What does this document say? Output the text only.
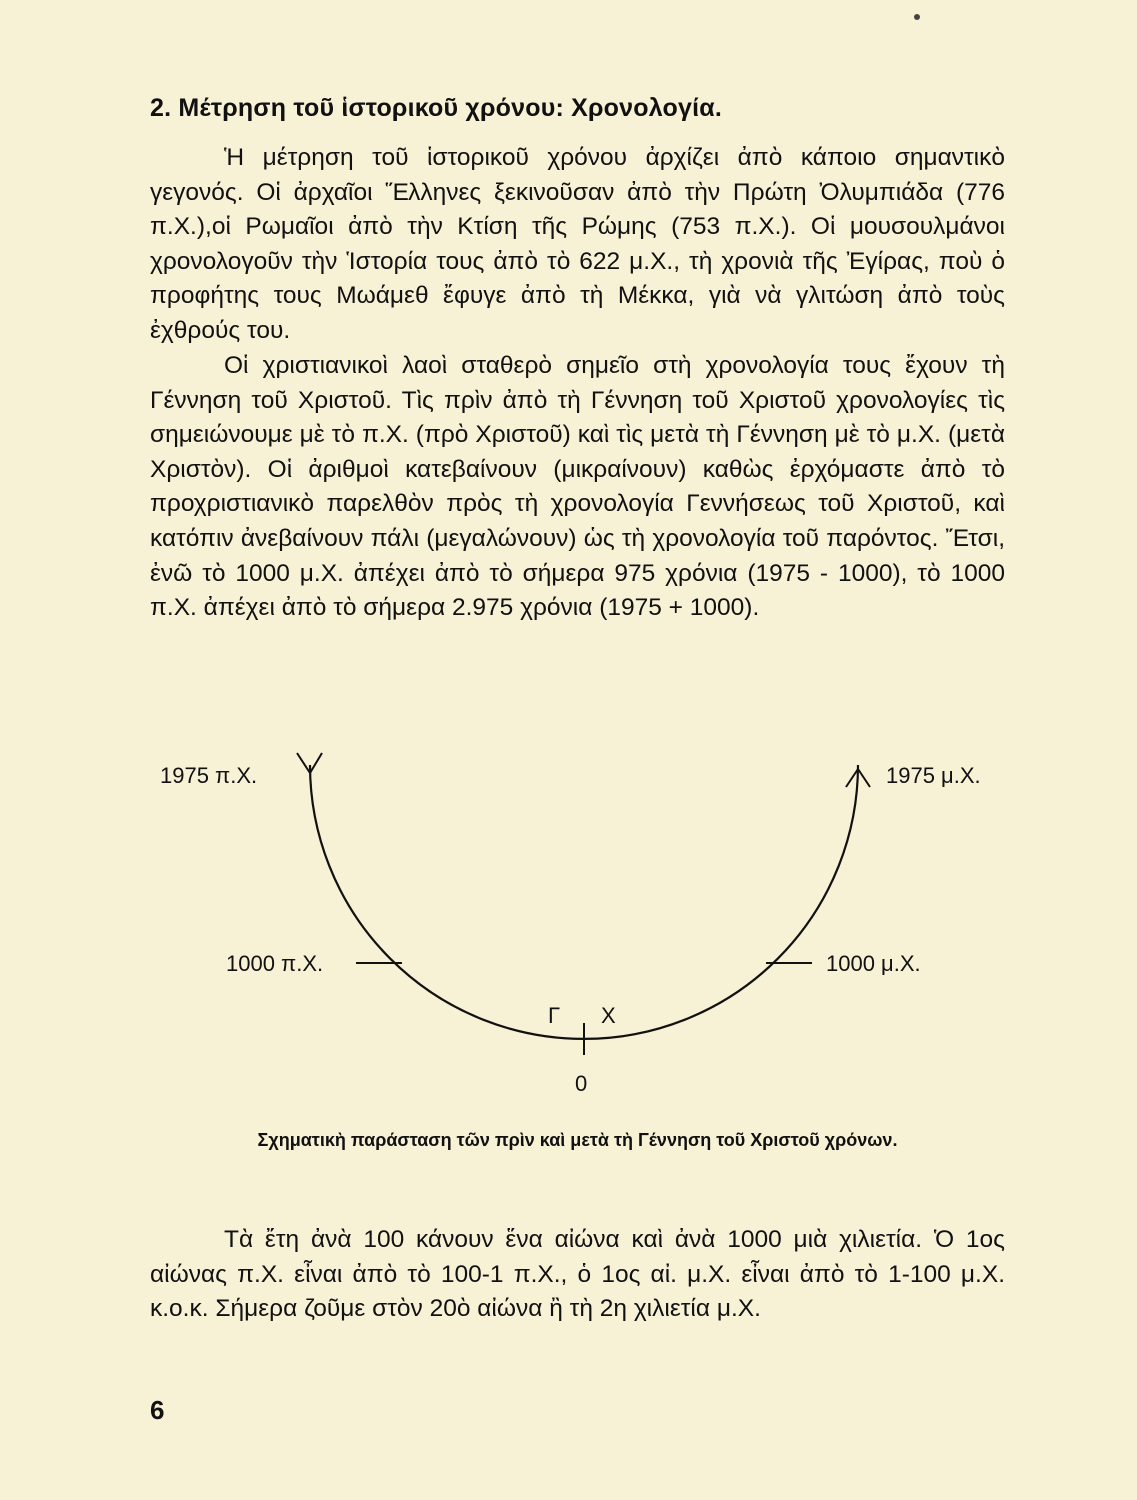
2. Μέτρηση τοῦ ἱστορικοῦ χρόνου: Χρονολογία.

Ἡ μέτρηση τοῦ ἱστορικοῦ χρόνου ἀρχίζει ἀπὸ κάποιο σημαντικὸ γεγονός. Οἱ ἀρχαῖοι Ἕλληνες ξεκινοῦσαν ἀπὸ τὴν Πρώτη Ὀλυμπιάδα (776 π.Χ.),οἱ Ρωμαῖοι ἀπὸ τὴν Κτίση τῆς Ρώμης (753 π.Χ.). Οἱ μουσουλμάνοι χρονολογοῦν τὴν Ἱστορία τους ἀπὸ τὸ 622 μ.Χ., τὴ χρονιὰ τῆς Ἐγίρας, ποὺ ὁ προφήτης τους Μωάμεθ ἔφυγε ἀπὸ τὴ Μέκκα, γιὰ νὰ γλιτώση ἀπὸ τοὺς ἐχθρούς του.

Οἱ χριστιανικοὶ λαοὶ σταθερὸ σημεῖο στὴ χρονολογία τους ἔχουν τὴ Γέννηση τοῦ Χριστοῦ. Τὶς πρὶν ἀπὸ τὴ Γέννηση τοῦ Χριστοῦ χρονολογίες τὶς σημειώνουμε μὲ τὸ π.Χ. (πρὸ Χριστοῦ) καὶ τὶς μετὰ τὴ Γέννηση μὲ τὸ μ.Χ. (μετὰ Χριστὸν). Οἱ ἀριθμοὶ κατεβαίνουν (μικραίνουν) καθὼς ἐρχόμαστε ἀπὸ τὸ προχριστιανικὸ παρελθὸν πρὸς τὴ χρονολογία Γεννήσεως τοῦ Χριστοῦ, καὶ κατόπιν ἀνεβαίνουν πάλι (μεγαλώνουν) ὡς τὴ χρονολογία τοῦ παρόντος. Ἔτσι, ἐνῶ τὸ 1000 μ.Χ. ἀπέχει ἀπὸ τὸ σήμερα 975 χρόνια (1975 - 1000), τὸ 1000 π.Χ. ἀπέχει ἀπὸ τὸ σήμερα 2.975 χρόνια (1975 + 1000).

1975 π.Χ.	1975 μ.Χ.
1000 π.Χ.	1000 μ.Χ.
Γ Χ
0
Σχηματικὴ παράσταση τῶν πρὶν καὶ μετὰ τὴ Γέννηση τοῦ Χριστοῦ χρόνων.

Τὰ ἔτη ἀνὰ 100 κάνουν ἕνα αἰώνα καὶ ἀνὰ 1000 μιὰ χιλιετία. Ὁ 1ος αἰώνας π.Χ. εἶναι ἀπὸ τὸ 100-1 π.Χ., ὁ 1ος αἰ. μ.Χ. εἶναι ἀπὸ τὸ 1-100 μ.Χ. κ.ο.κ. Σήμερα ζοῦμε στὸν 20ὸ αἰώνα ἢ τὴ 2η χιλιετία μ.Χ.

6
